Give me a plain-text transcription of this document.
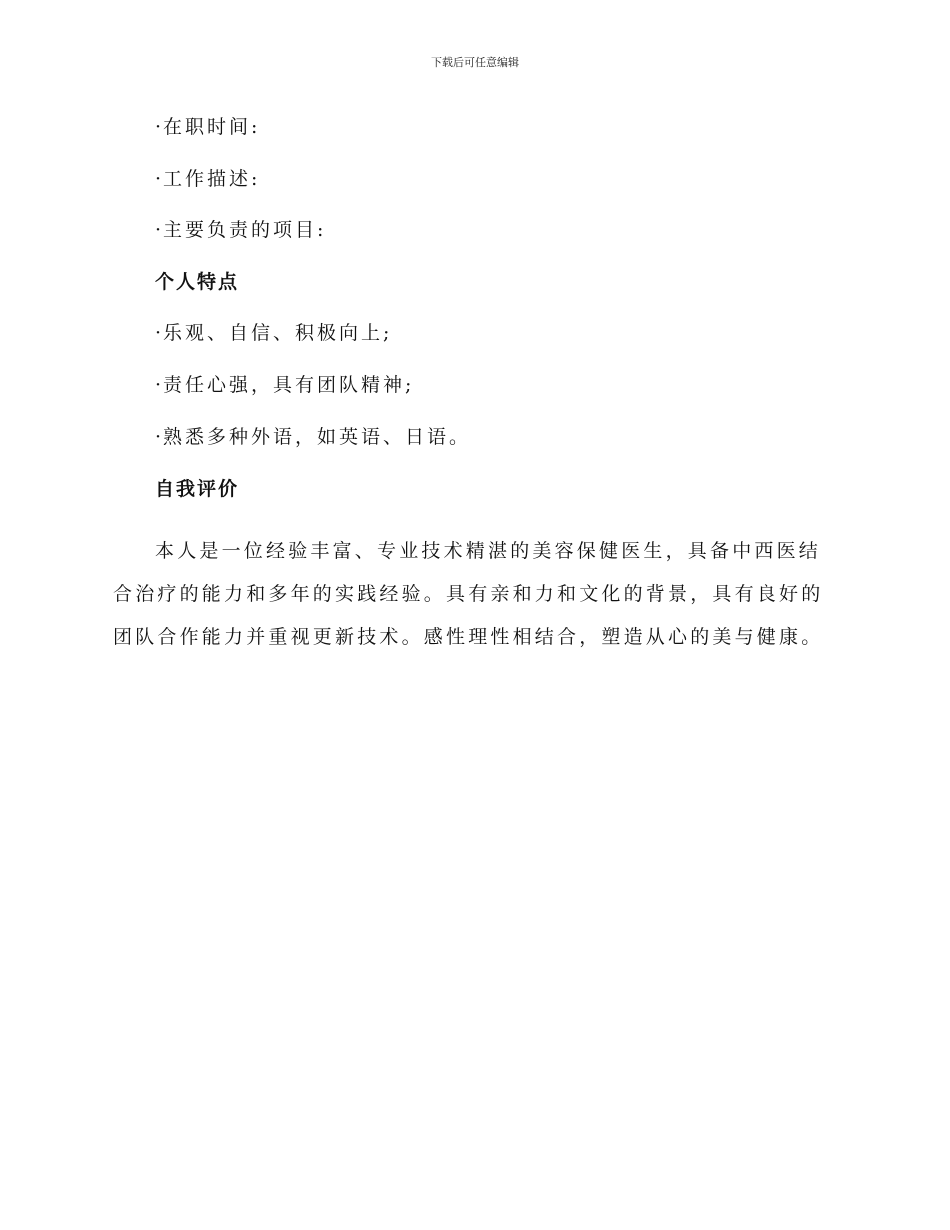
下载后可任意编辑
· 在职时间:
· 工作描述:
· 主要负责的项目:
个人特点
· 乐观、自信、积极向上;
· 责任心强，具有团队精神;
· 熟悉多种外语，如英语、日语。
自我评价

本人是一位经验丰富、专业技术精湛的美容保健医生，具备中西医结合治疗的能力和多年的实践经验。具有亲和力和文化的背景，具有良好的团队合作能力并重视更新技术。感性理性相结合，塑造从心的美与健康。
